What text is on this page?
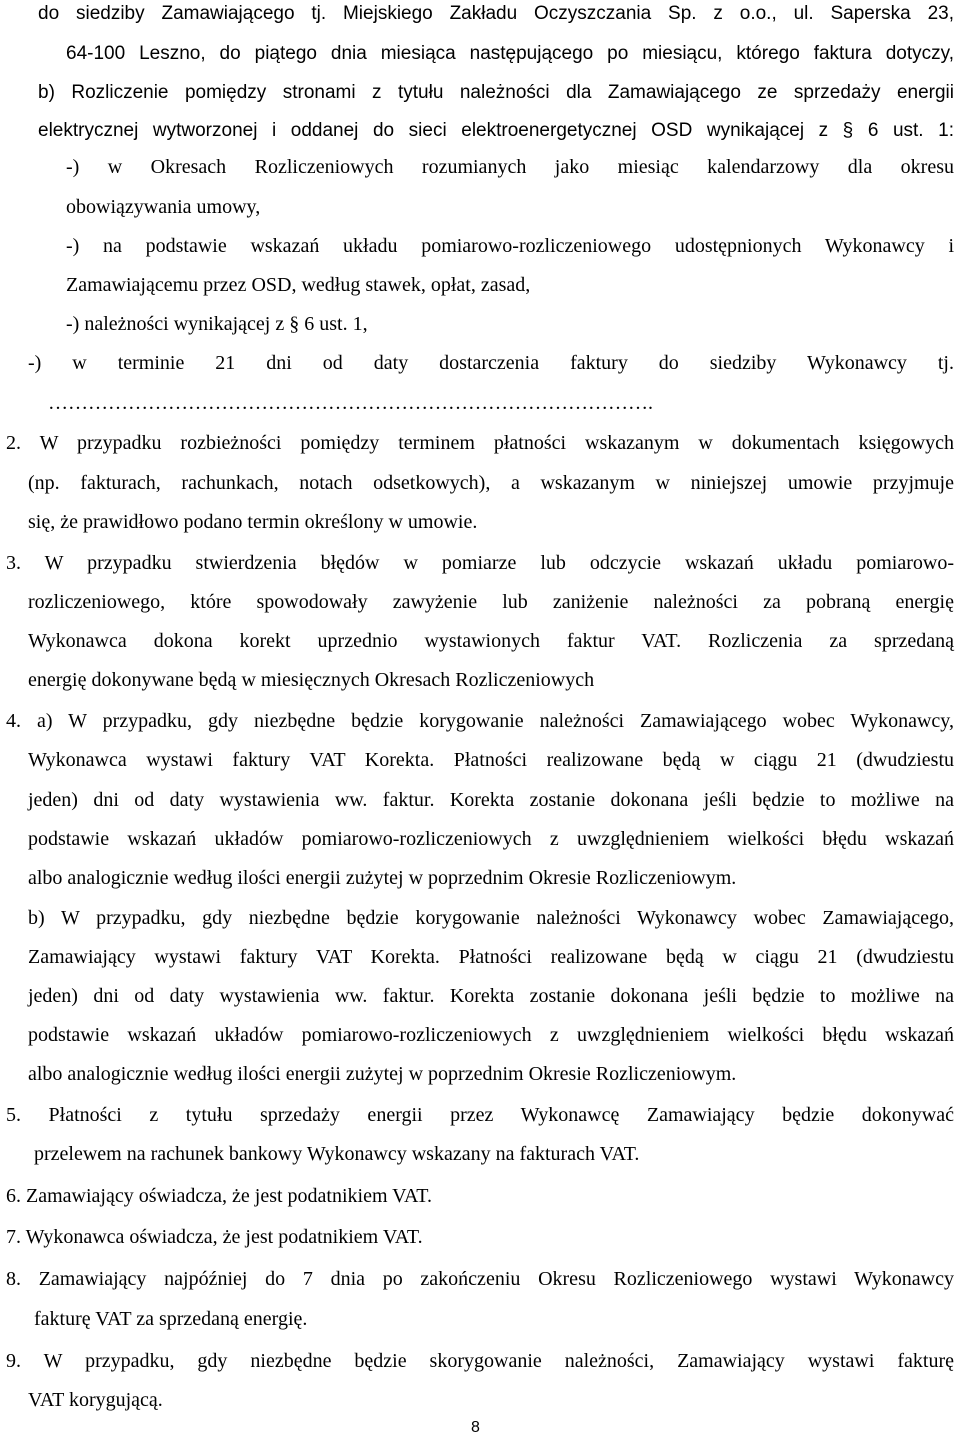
do siedziby Zamawiającego tj. Miejskiego Zakładu Oczyszczania Sp. z o.o., ul. Saperska 23,
64-100 Leszno, do piątego dnia miesiąca następującego po miesiącu, którego faktura dotyczy,
b) Rozliczenie pomiędzy stronami z tytułu należności dla Zamawiającego ze sprzedaży energii
elektrycznej wytworzonej i oddanej do sieci elektroenergetycznej OSD wynikającej z § 6 ust. 1:
-) w Okresach Rozliczeniowych rozumianych jako miesiąc kalendarzowy dla okresu
obowiązywania umowy,
-) na podstawie wskazań układu pomiarowo-rozliczeniowego udostępnionych Wykonawcy i
Zamawiającemu przez OSD, według stawek, opłat, zasad,
-) należności wynikającej z § 6 ust. 1,
-) w terminie 21 dni od daty dostarczenia faktury do siedziby Wykonawcy tj.
……………………………………………………………………………….
2. W przypadku rozbieżności pomiędzy terminem płatności wskazanym w dokumentach księgowych
(np. fakturach, rachunkach, notach odsetkowych), a wskazanym w niniejszej umowie przyjmuje
się, że prawidłowo podano termin określony w umowie.
3. W przypadku stwierdzenia błędów w pomiarze lub odczycie wskazań układu pomiarowo-
rozliczeniowego, które spowodowały zawyżenie lub zaniżenie należności za pobraną energię
Wykonawca dokona korekt uprzednio wystawionych faktur VAT. Rozliczenia za sprzedaną
energię dokonywane będą w miesięcznych Okresach Rozliczeniowych
4. a) W przypadku, gdy niezbędne będzie korygowanie należności Zamawiającego wobec Wykonawcy,
Wykonawca wystawi faktury VAT Korekta. Płatności realizowane będą w ciągu 21 (dwudziestu
jeden) dni od daty wystawienia ww. faktur. Korekta zostanie dokonana jeśli będzie to możliwe na
podstawie wskazań układów pomiarowo-rozliczeniowych z uwzględnieniem wielkości błędu wskazań
albo analogicznie według ilości energii zużytej w poprzednim Okresie Rozliczeniowym.
b) W przypadku, gdy niezbędne będzie korygowanie należności Wykonawcy wobec Zamawiającego,
Zamawiający wystawi faktury VAT Korekta. Płatności realizowane będą w ciągu 21 (dwudziestu
jeden) dni od daty wystawienia ww. faktur. Korekta zostanie dokonana jeśli będzie to możliwe na
podstawie wskazań układów pomiarowo-rozliczeniowych z uwzględnieniem wielkości błędu wskazań
albo analogicznie według ilości energii zużytej w poprzednim Okresie Rozliczeniowym.
5. Płatności z tytułu sprzedaży energii przez Wykonawcę Zamawiający będzie dokonywać
przelewem na rachunek bankowy Wykonawcy wskazany na fakturach VAT.
6. Zamawiający oświadcza, że jest podatnikiem VAT.
7. Wykonawca oświadcza, że jest podatnikiem VAT.
8. Zamawiający najpóźniej do 7 dnia po zakończeniu Okresu Rozliczeniowego wystawi Wykonawcy
fakturę VAT za sprzedaną energię.
9. W przypadku, gdy niezbędne będzie skorygowanie należności, Zamawiający wystawi fakturę
VAT korygującą.
8
